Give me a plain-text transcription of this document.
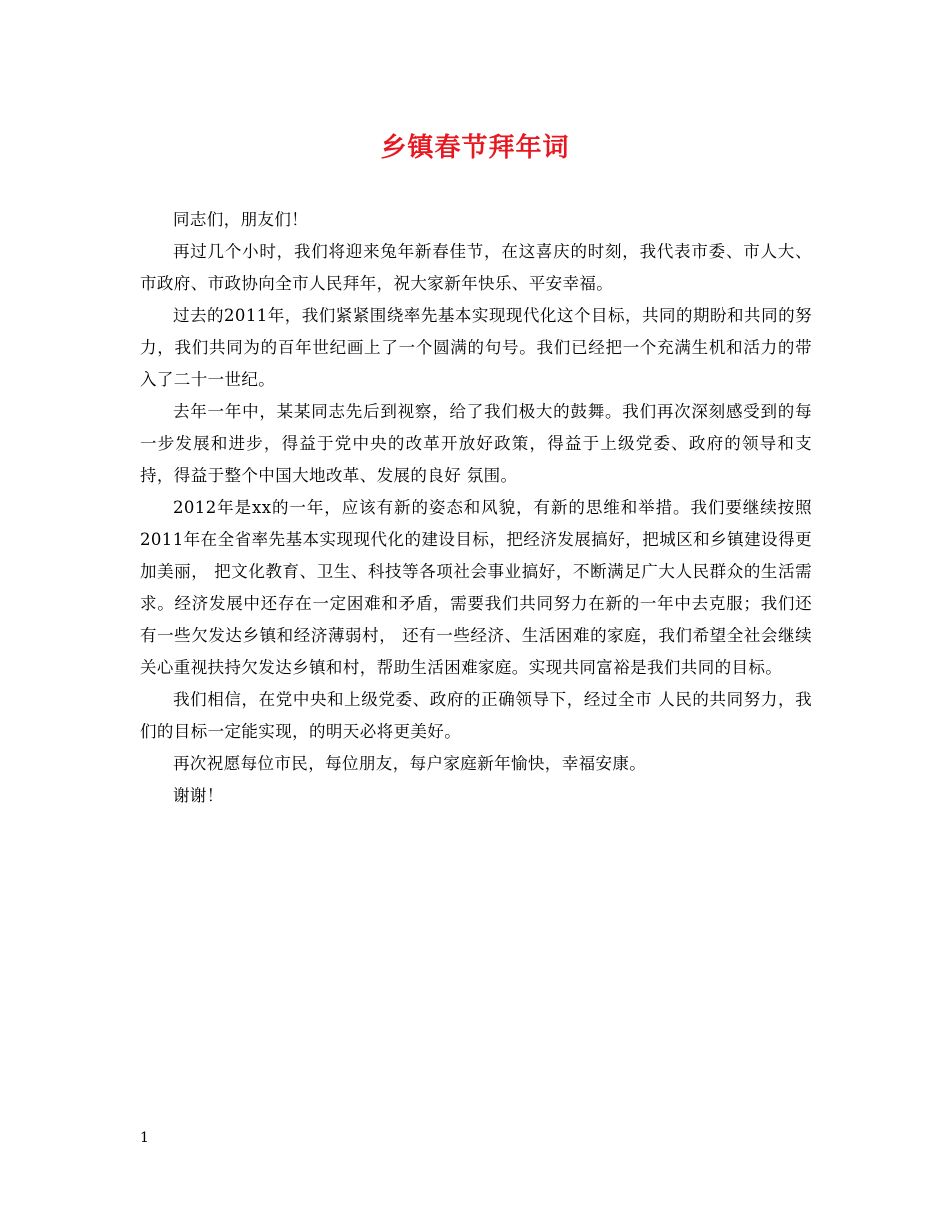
乡镇春节拜年词

同志们，朋友们！

再过几个小时，我们将迎来兔年新春佳节，在这喜庆的时刻，我代表市委、市人大、市政府、市政协向全市人民拜年，祝大家新年快乐、平安幸福。

过去的2011年，我们紧紧围绕率先基本实现现代化这个目标，共同的期盼和共同的努力，我们共同为的百年世纪画上了一个圆满的句号。我们已经把一个充满生机和活力的带入了二十一世纪。

去年一年中，某某同志先后到视察，给了我们极大的鼓舞。我们再次深刻感受到的每一步发展和进步，得益于党中央的改革开放好政策，得益于上级党委、政府的领导和支持，得益于整个中国大地改革、发展的良好 氛围。

2012年是xx的一年，应该有新的姿态和风貌，有新的思维和举措。我们要继续按照2011年在全省率先基本实现现代化的建设目标，把经济发展搞好，把城区和乡镇建设得更加美丽， 把文化教育、卫生、科技等各项社会事业搞好，不断满足广大人民群众的生活需求。经济发展中还存在一定困难和矛盾，需要我们共同努力在新的一年中去克服；我们还有一些欠发达乡镇和经济薄弱村， 还有一些经济、生活困难的家庭，我们希望全社会继续关心重视扶持欠发达乡镇和村，帮助生活困难家庭。实现共同富裕是我们共同的目标。

我们相信，在党中央和上级党委、政府的正确领导下，经过全市 人民的共同努力，我们的目标一定能实现，的明天必将更美好。

再次祝愿每位市民，每位朋友，每户家庭新年愉快，幸福安康。

谢谢！

1
